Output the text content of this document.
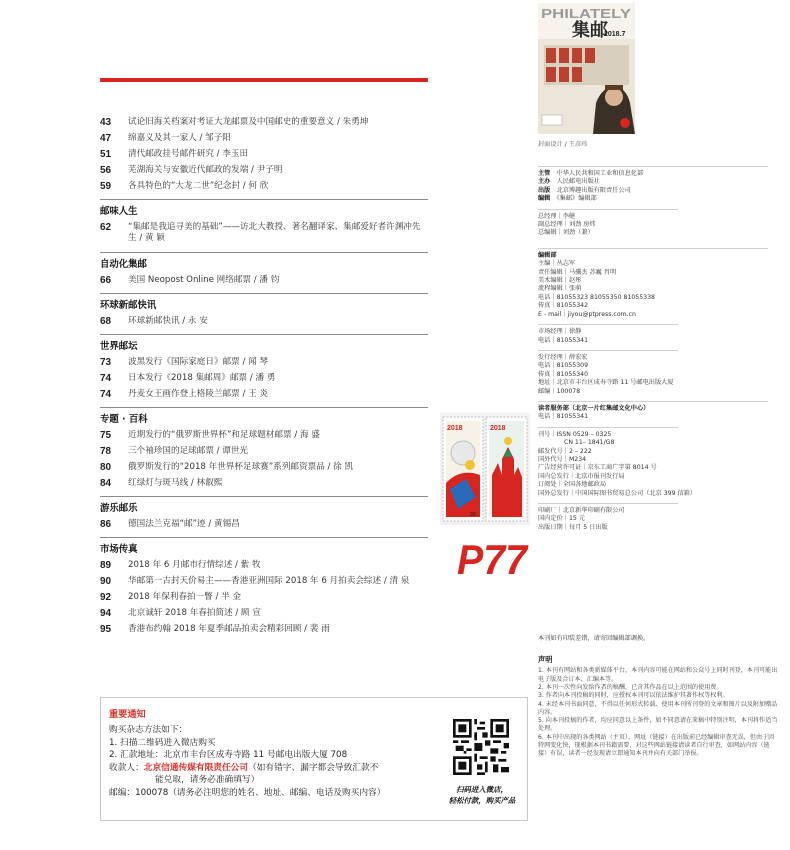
43	试论旧海关档案对考证大龙邮票及中国邮史的重要意义 / 朱勇坤
47	绵嘉义及其一家人 / 邹子阳
51	清代邮政挂号邮件研究 / 李玉田
56	芜湖海关与安徽近代邮政的发端 / 尹子明
59	各具特色的“大龙二世”纪念封 / 何 欣
邮味人生
62	“集邮是我追寻美的基础”——访北大教授、著名翻译家、集邮爱好者许渊冲先生 / 黄 颖
自动化集邮
66	美国 Neopost Online 网络邮票 / 潘 钧
环球新邮快讯
68	环球新邮快讯 / 永 安
世界邮坛
73	波黑发行《国际家庭日》邮票 / 闻 琴
74	日本发行《2018 集邮周》邮票 / 潘 勇
74	丹麦女王画作登上格陵兰邮票 / 王 炎
专题 · 百科
75	近期发行的“俄罗斯世界杯”和足球题材邮票 / 海 盛
78	三个袖珍国的足球邮票 / 谭世光
80	俄罗斯发行的“2018 年世界杯足球赛”系列邮资票品 / 徐 凯
84	红绿灯与斑马线 / 林叡熙
游乐邮乐
86	德国法兰克福“邮”迹 / 黄锡昌
市场传真
89	2018 年 6 月邮市行情综述 / 紫 牧
90	华邮第一古封天价易主——香港亚洲国际 2018 年 6 月拍卖会综述 / 清 泉
92	2018 年保利春拍一瞥 / 半 金
94	北京诚轩 2018 年春拍简述 / 顾 宣
95	香港布约翰 2018 年夏季邮品拍卖会精彩回顾 / 裴 雨
2018	2018
2₽
P77
重要通知
购买杂志方法如下：
1. 扫描二维码进入微店购买
2. 汇款地址：北京市丰台区成寿寺路 11 号邮电出版大厦 708
收款人：北京信通传媒有限责任公司（如有错字、漏字都会导致汇款不
能兑取，请务必准确填写）
邮编：100078（请务必注明您的姓名、地址、邮编、电话及购买内容）	扫码进入微店，
轻松付款，购买产品
PHILATELY
集邮
2018.7
封面设计 / 王彦玮
主管　 中华人民共和国工业和信息化部
主办　 人民邮电出版社
出版　 北京博趣出版有限责任公司
编辑　 《集邮》编辑部
总经理｜李健
副总经理｜刘劲 房炜
总编辑｜刘劲（兼）
编辑部
主编｜丛志军
责任编辑｜马骥杰 苏巍 肖明
美术编辑｜赵彤
流程编辑｜张萌
电话｜81055323 81055350 81055338
传真｜81055342
E - mail｜jiyou@ptpress.com.cn
市场经理｜徐静
电话｜81055341
发行经理｜薛宏宏
电话｜81055309
传真｜81055340
地址｜北京市丰台区成寿寺路 11 号邮电出版大厦
邮编｜100078
读者服务部（北京一片红集邮文化中心）
电话｜81055341
刊号｜ISSN 0529 – 0325
CN 11– 1841/G8
邮发代号｜2 – 222
国外代号｜M234
广告经营许可证｜京东工商广字第 8014 号
国内总发行｜北京市报刊发行局
订阅处｜全国各地邮政局
国外总发行｜中国国际图书贸易总公司（北京 399 信箱）
印刷厂｜北京新华印刷有限公司
国内定价｜15 元
出版日期｜每月 5 日出版
本刊如有印装差错，请寄回编辑部调换。
声明
1. 本刊有网站和各类新媒体平台，本刊内容可能在网站和公众号上同时刊登，本刊可能出电子版及合订本、汇编本等。
2. 本刊一次性向发给作者的稿酬，已含其作品在以上范围的使用费。
3. 作者向本刊投稿的同时，应授权本刊可以依法维护其著作权等权利。
4. 未经本刊书面同意，不得以任何形式转载、使用本刊所刊登的文章和图片以及附加赠品内容。
5. 向本刊投稿的作者，均应同意以上条件，如不同意请在来稿中特别注明，本刊将作适当处理。
6. 本刊中出现的各类网站（主页）、网址（链接）在出版前已经编辑审查无误，但由于因特网变化快，现根据本刊书籍需要，对这些网站链接请读者自行审查，如网站内容（链接）有误，读者一经发现请立即通知本刊并向有关部门举报。
